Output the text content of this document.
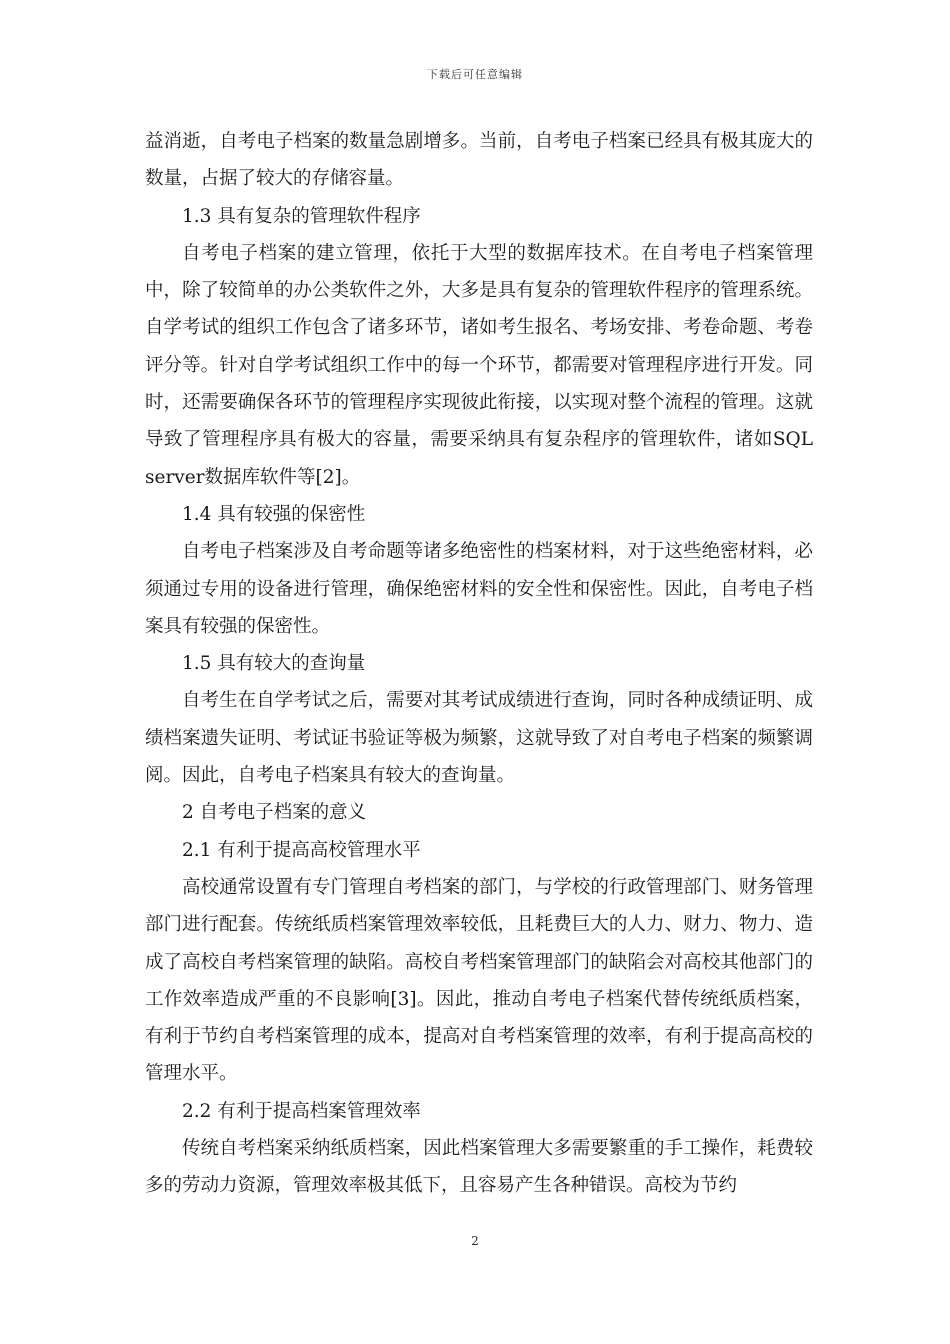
下载后可任意编辑

益消逝，自考电子档案的数量急剧增多。当前，自考电子档案已经具有极其庞大的数量，占据了较大的存储容量。

1.3 具有复杂的管理软件程序

自考电子档案的建立管理，依托于大型的数据库技术。在自考电子档案管理中，除了较简单的办公类软件之外，大多是具有复杂的管理软件程序的管理系统。自学考试的组织工作包含了诸多环节，诸如考生报名、考场安排、考卷命题、考卷评分等。针对自学考试组织工作中的每一个环节，都需要对管理程序进行开发。同时，还需要确保各环节的管理程序实现彼此衔接，以实现对整个流程的管理。这就导致了管理程序具有极大的容量，需要采纳具有复杂程序的管理软件，诸如SQL server数据库软件等[2]。

1.4 具有较强的保密性

自考电子档案涉及自考命题等诸多绝密性的档案材料，对于这些绝密材料，必须通过专用的设备进行管理，确保绝密材料的安全性和保密性。因此，自考电子档案具有较强的保密性。

1.5 具有较大的查询量

自考生在自学考试之后，需要对其考试成绩进行查询，同时各种成绩证明、成绩档案遗失证明、考试证书验证等极为频繁，这就导致了对自考电子档案的频繁调阅。因此，自考电子档案具有较大的查询量。

2 自考电子档案的意义

2.1 有利于提高高校管理水平

高校通常设置有专门管理自考档案的部门，与学校的行政管理部门、财务管理部门进行配套。传统纸质档案管理效率较低，且耗费巨大的人力、财力、物力、造成了高校自考档案管理的缺陷。高校自考档案管理部门的缺陷会对高校其他部门的工作效率造成严重的不良影响[3]。因此，推动自考电子档案代替传统纸质档案，有利于节约自考档案管理的成本，提高对自考档案管理的效率，有利于提高高校的管理水平。

2.2 有利于提高档案管理效率

传统自考档案采纳纸质档案，因此档案管理大多需要繁重的手工操作，耗费较多的劳动力资源，管理效率极其低下，且容易产生各种错误。高校为节约

2
